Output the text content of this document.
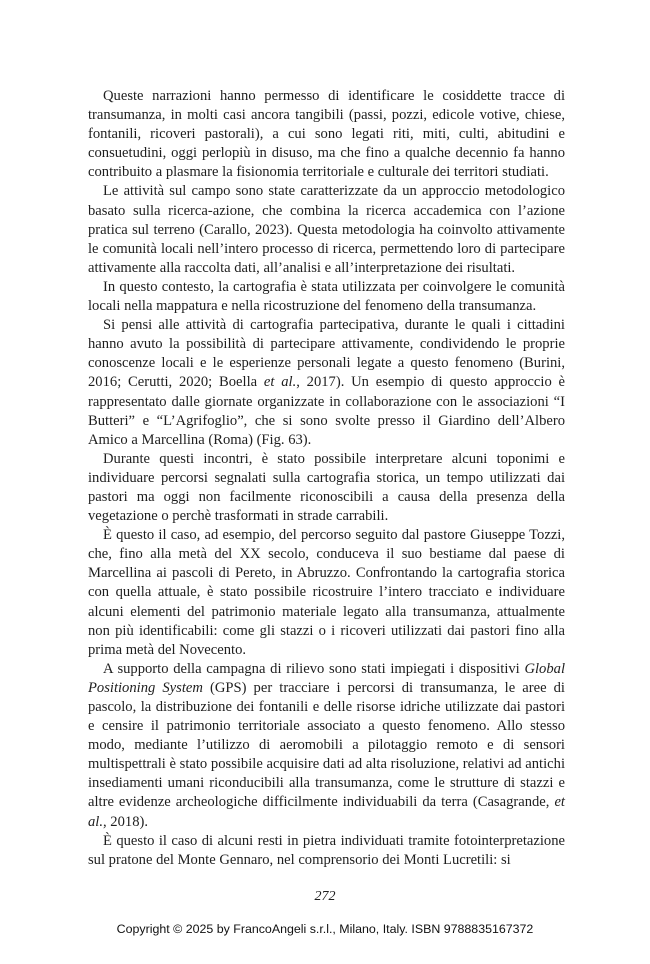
Queste narrazioni hanno permesso di identificare le cosiddette tracce di transumanza, in molti casi ancora tangibili (passi, pozzi, edicole votive, chiese, fontanili, ricoveri pastorali), a cui sono legati riti, miti, culti, abitudini e consuetudini, oggi perlopiù in disuso, ma che fino a qualche decennio fa hanno contribuito a plasmare la fisionomia territoriale e culturale dei territori studiati.

Le attività sul campo sono state caratterizzate da un approccio metodologico basato sulla ricerca-azione, che combina la ricerca accademica con l’azione pratica sul terreno (Carallo, 2023). Questa metodologia ha coinvolto attivamente le comunità locali nell’intero processo di ricerca, permettendo loro di partecipare attivamente alla raccolta dati, all’analisi e all’interpretazione dei risultati.

In questo contesto, la cartografia è stata utilizzata per coinvolgere le comunità locali nella mappatura e nella ricostruzione del fenomeno della transumanza.

Si pensi alle attività di cartografia partecipativa, durante le quali i cittadini hanno avuto la possibilità di partecipare attivamente, condividendo le proprie conoscenze locali e le esperienze personali legate a questo fenomeno (Burini, 2016; Cerutti, 2020; Boella et al., 2017). Un esempio di questo approccio è rappresentato dalle giornate organizzate in collaborazione con le associazioni “I Butteri” e “L’Agrifoglio”, che si sono svolte presso il Giardino dell’Albero Amico a Marcellina (Roma) (Fig. 63).

Durante questi incontri, è stato possibile interpretare alcuni toponimi e individuare percorsi segnalati sulla cartografia storica, un tempo utilizzati dai pastori ma oggi non facilmente riconoscibili a causa della presenza della vegetazione o perchè trasformati in strade carrabili.

È questo il caso, ad esempio, del percorso seguito dal pastore Giuseppe Tozzi, che, fino alla metà del XX secolo, conduceva il suo bestiame dal paese di Marcellina ai pascoli di Pereto, in Abruzzo. Confrontando la cartografia storica con quella attuale, è stato possibile ricostruire l’intero tracciato e individuare alcuni elementi del patrimonio materiale legato alla transumanza, attualmente non più identificabili: come gli stazzi o i ricoveri utilizzati dai pastori fino alla prima metà del Novecento.

A supporto della campagna di rilievo sono stati impiegati i dispositivi Global Positioning System (GPS) per tracciare i percorsi di transumanza, le aree di pascolo, la distribuzione dei fontanili e delle risorse idriche utilizzate dai pastori e censire il patrimonio territoriale associato a questo fenomeno. Allo stesso modo, mediante l’utilizzo di aeromobili a pilotaggio remoto e di sensori multispettrali è stato possibile acquisire dati ad alta risoluzione, relativi ad antichi insediamenti umani riconducibili alla transumanza, come le strutture di stazzi e altre evidenze archeologiche difficilmente individuabili da terra (Casagrande, et al., 2018).

È questo il caso di alcuni resti in pietra individuati tramite fotointerpretazione sul pratone del Monte Gennaro, nel comprensorio dei Monti Lucretili: si

272
Copyright © 2025 by FrancoAngeli s.r.l., Milano, Italy. ISBN 9788835167372
